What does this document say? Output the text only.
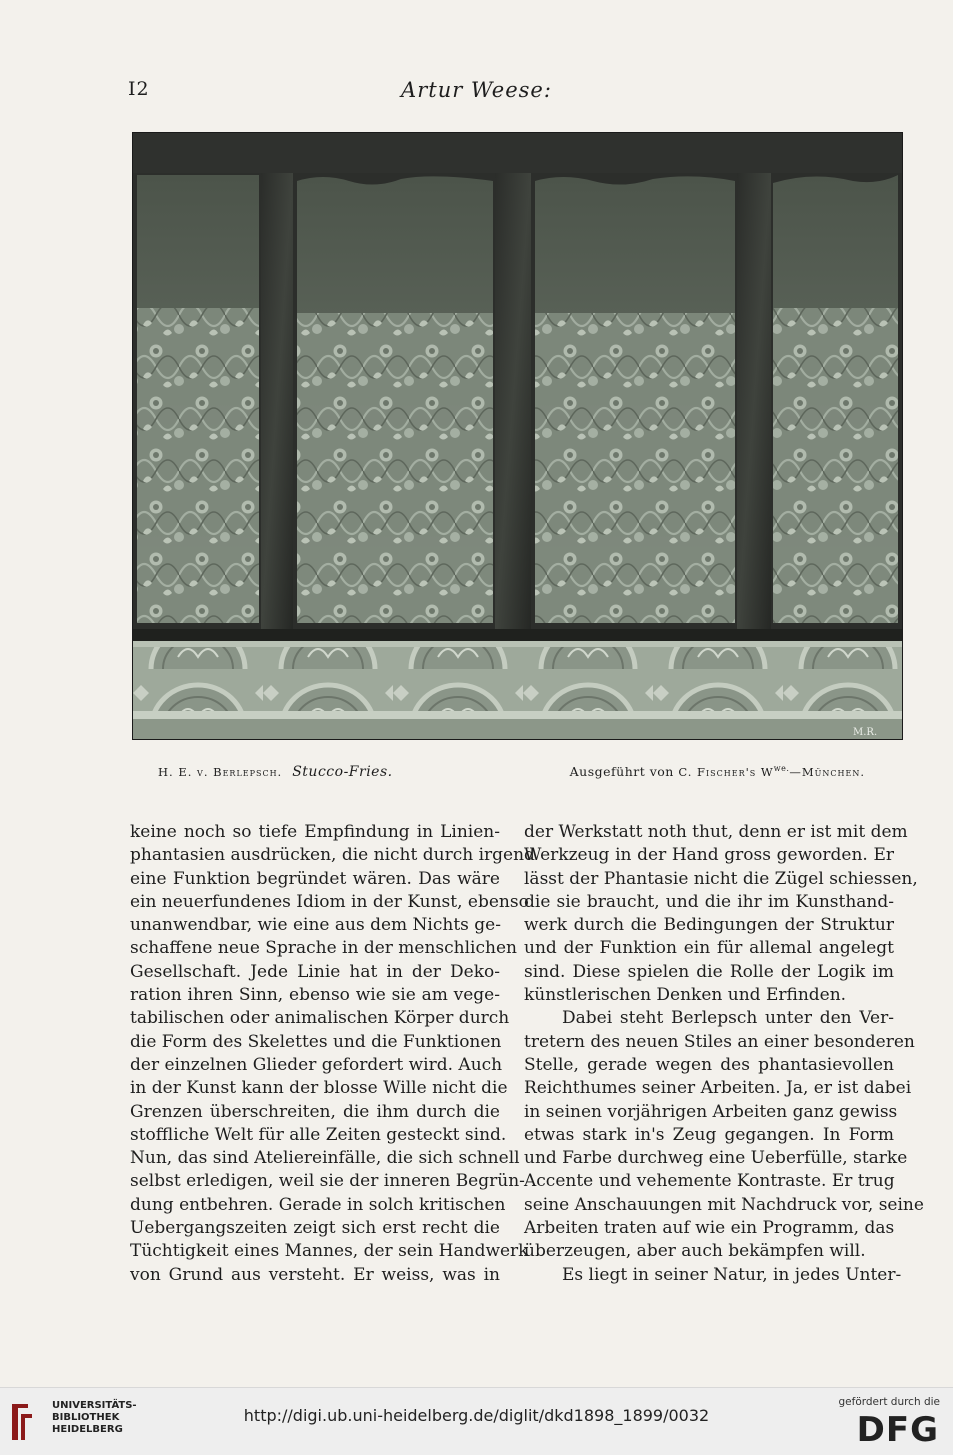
I2	Artur Weese:
M.R.
H. E. v. Berlepsch. Stucco-Fries.	Ausgeführt von C. Fischer's $W^{we.}—München$.
keine noch so tiefe Empfindung in Linien-
phantasien ausdrücken, die nicht durch irgend
eine Funktion begründet wären. Das wäre
ein neuerfundenes Idiom in der Kunst, ebenso
unanwendbar, wie eine aus dem Nichts ge-
schaffene neue Sprache in der menschlichen
Gesellschaft. Jede Linie hat in der Deko-
ration ihren Sinn, ebenso wie sie am vege-
tabilischen oder animalischen Körper durch
die Form des Skelettes und die Funktionen
der einzelnen Glieder gefordert wird. Auch
in der Kunst kann der blosse Wille nicht die
Grenzen überschreiten, die ihm durch die
stoffliche Welt für alle Zeiten gesteckt sind.
Nun, das sind Ateliereinfälle, die sich schnell
selbst erledigen, weil sie der inneren Begrün-
dung entbehren. Gerade in solch kritischen
Uebergangszeiten zeigt sich erst recht die
Tüchtigkeit eines Mannes, der sein Handwerk
von Grund aus versteht. Er weiss, was in
der Werkstatt noth thut, denn er ist mit dem
Werkzeug in der Hand gross geworden. Er
lässt der Phantasie nicht die Zügel schiessen,
die sie braucht, und die ihr im Kunsthand-
werk durch die Bedingungen der Struktur
und der Funktion ein für allemal angelegt
sind. Diese spielen die Rolle der Logik im
künstlerischen Denken und Erfinden.
Dabei steht Berlepsch unter den Ver-
tretern des neuen Stiles an einer besonderen
Stelle, gerade wegen des phantasievollen
Reichthumes seiner Arbeiten. Ja, er ist dabei
in seinen vorjährigen Arbeiten ganz gewiss
etwas stark in's Zeug gegangen. In Form
und Farbe durchweg eine Ueberfülle, starke
Accente und vehemente Kontraste. Er trug
seine Anschauungen mit Nachdruck vor, seine
Arbeiten traten auf wie ein Programm, das
überzeugen, aber auch bekämpfen will.
Es liegt in seiner Natur, in jedes Unter-
UNIVERSITÄTS-
BIBLIOTHEK
HEIDELBERG
http://digi.ub.uni-heidelberg.de/diglit/dkd1898_1899/0032
gefördert durch die
DFG
